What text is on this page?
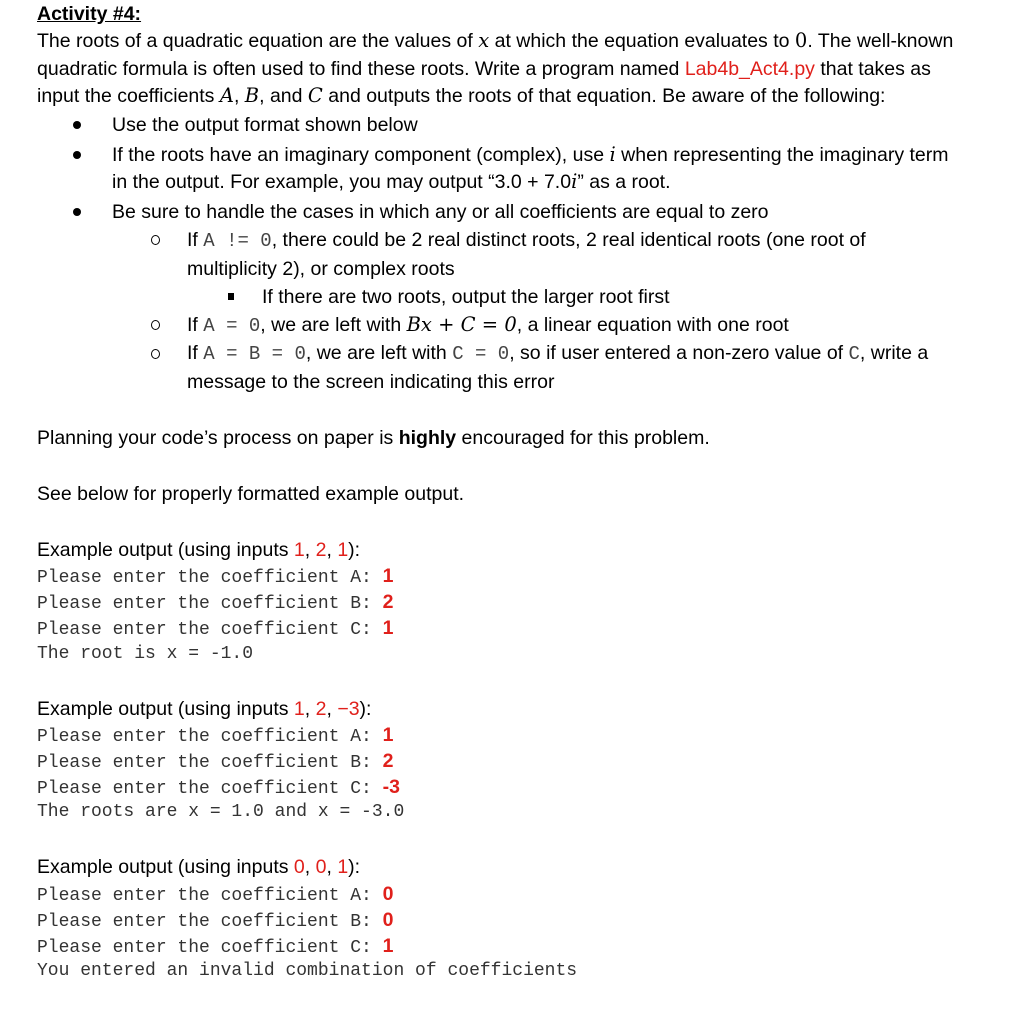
Activity #4:
The roots of a quadratic equation are the values of x at which the equation evaluates to 0. The well-known
quadratic formula is often used to find these roots. Write a program named Lab4b_Act4.py that takes as
input the coefficients A, B, and C and outputs the roots of that equation. Be aware of the following:
Use the output format shown below
If the roots have an imaginary component (complex), use i when representing the imaginary term
in the output. For example, you may output “3.0 + 7.0i” as a root.
Be sure to handle the cases in which any or all coefficients are equal to zero
If A != 0, there could be 2 real distinct roots, 2 real identical roots (one root of
multiplicity 2), or complex roots
If there are two roots, output the larger root first
If A = 0, we are left with Bx + C = 0, a linear equation with one root
If A = B = 0, we are left with C = 0, so if user entered a non-zero value of C, write a
message to the screen indicating this error
Planning your code’s process on paper is highly encouraged for this problem.
See below for properly formatted example output.
Example output (using inputs 1, 2, 1):
Please enter the coefficient A: 1
Please enter the coefficient B: 2
Please enter the coefficient C: 1
The root is x = -1.0
Example output (using inputs 1, 2, −3):
Please enter the coefficient A: 1
Please enter the coefficient B: 2
Please enter the coefficient C: -3
The roots are x = 1.0 and x = -3.0
Example output (using inputs 0, 0, 1):
Please enter the coefficient A: 0
Please enter the coefficient B: 0
Please enter the coefficient C: 1
You entered an invalid combination of coefficients
